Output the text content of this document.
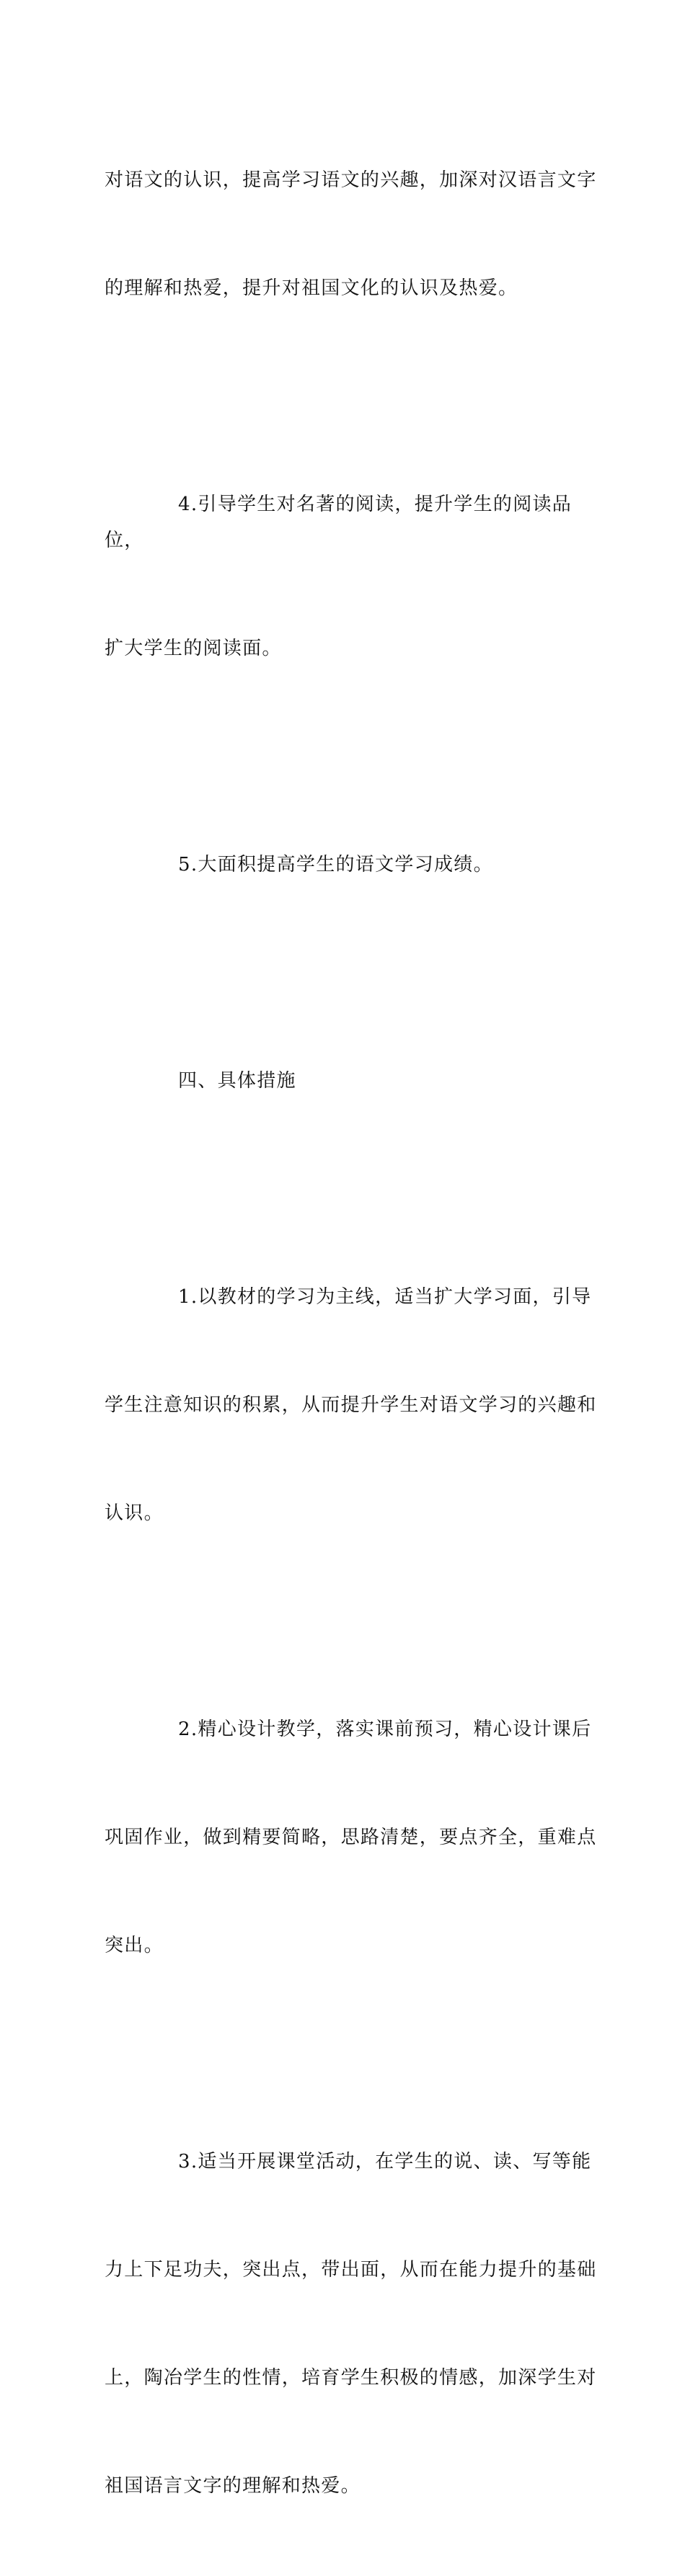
对语文的认识，提高学习语文的兴趣，加深对汉语言文字

的理解和热爱，提升对祖国文化的认识及热爱。

4.引导学生对名著的阅读，提升学生的阅读品位，

扩大学生的阅读面。

5.大面积提高学生的语文学习成绩。

四、具体措施

1.以教材的学习为主线，适当扩大学习面，引导

学生注意知识的积累，从而提升学生对语文学习的兴趣和

认识。

2.精心设计教学，落实课前预习，精心设计课后

巩固作业，做到精要简略，思路清楚，要点齐全，重难点

突出。

3.适当开展课堂活动，在学生的说、读、写等能

力上下足功夫，突出点，带出面，从而在能力提升的基础

上，陶冶学生的性情，培育学生积极的情感，加深学生对

祖国语言文字的理解和热爱。
